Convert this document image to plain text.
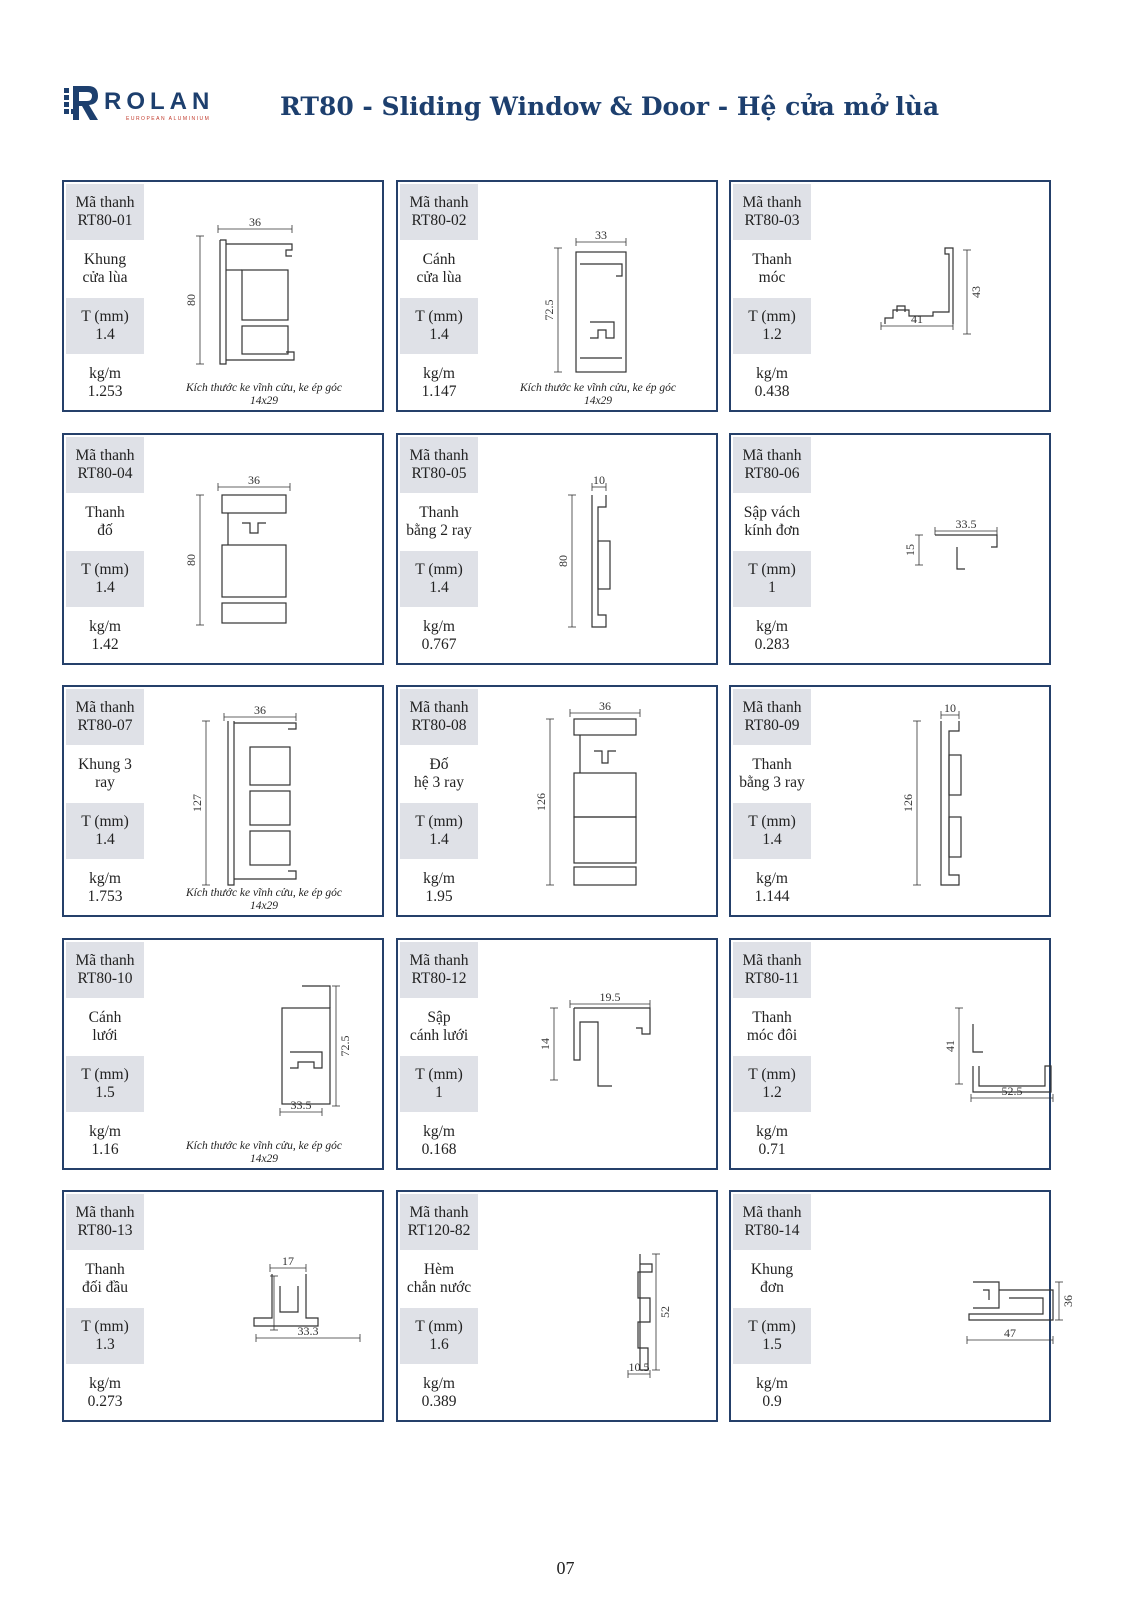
ROLAN
EUROPEAN ALUMINIUM	RT80 - Sliding Window & Door - Hệ cửa mở lùa
Mã thanh
RT80-01
Khung
cửa lùa
T (mm)
1.4
kg/m
1.253
36
80
Kích thước ke vĩnh cửu, ke ép góc
14x29
Mã thanh
RT80-02
Cánh
cửa lùa
T (mm)
1.4
kg/m
1.147
33
72.5
Kích thước ke vĩnh cửu, ke ép góc
14x29
Mã thanh
RT80-03
Thanh
móc
T (mm)
1.2
kg/m
0.438
43
41
Mã thanh
RT80-04
Thanh
đố
T (mm)
1.4
kg/m
1.42
36
80
Mã thanh
RT80-05
Thanh
bằng 2 ray
T (mm)
1.4
kg/m
0.767
10
80
Mã thanh
RT80-06
Sập vách
kính đơn
T (mm)
1
kg/m
0.283
33.5
15
Mã thanh
RT80-07
Khung 3
ray
T (mm)
1.4
kg/m
1.753
36
127
Kích thước ke vĩnh cửu, ke ép góc
14x29
Mã thanh
RT80-08
Đố
hệ 3 ray
T (mm)
1.4
kg/m
1.95
36
126
Mã thanh
RT80-09
Thanh
bằng 3 ray
T (mm)
1.4
kg/m
1.144
10
126
Mã thanh
RT80-10
Cánh
lưới
T (mm)
1.5
kg/m
1.16
72.5
33.5
Kích thước ke vĩnh cửu, ke ép góc
14x29
Mã thanh
RT80-12
Sập
cánh lưới
T (mm)
1
kg/m
0.168
19.5
14
Mã thanh
RT80-11
Thanh
móc đôi
T (mm)
1.2
kg/m
0.71
41
52.5
Mã thanh
RT80-13
Thanh
đối đầu
T (mm)
1.3
kg/m
0.273
17
33.3
Mã thanh
RT120-82
Hèm
chắn nước
T (mm)
1.6
kg/m
0.389
52
10.5
Mã thanh
RT80-14
Khung
đơn
T (mm)
1.5
kg/m
0.9
36
47
07
